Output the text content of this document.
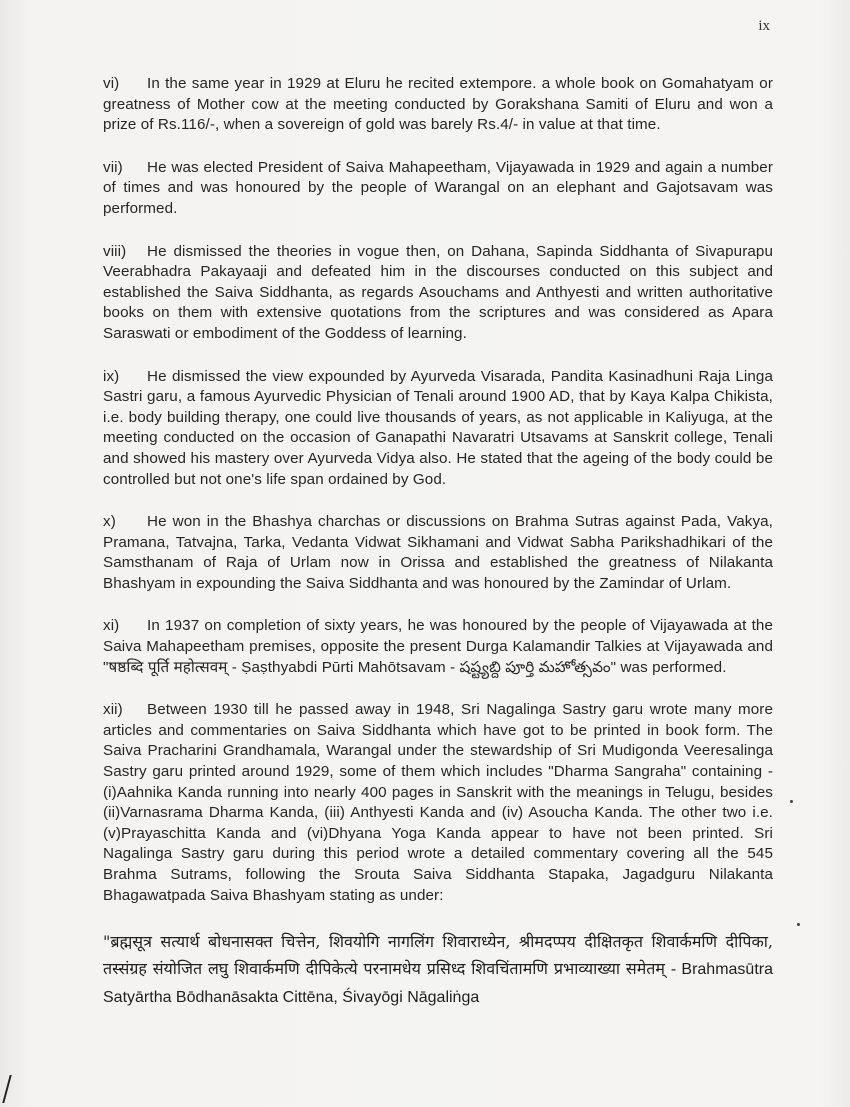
ix

vi) In the same year in 1929 at Eluru he recited extempore. a whole book on Gomahatyam or greatness of Mother cow at the meeting conducted by Gorakshana Samiti of Eluru and won a prize of Rs.116/-, when a sovereign of gold was barely Rs.4/- in value at that time.

vii) He was elected President of Saiva Mahapeetham, Vijayawada in 1929 and again a number of times and was honoured by the people of Warangal on an elephant and Gajotsavam was performed.

viii) He dismissed the theories in vogue then, on Dahana, Sapinda Siddhanta of Sivapurapu Veerabhadra Pakayaaji and defeated him in the discourses conducted on this subject and established the Saiva Siddhanta, as regards Asouchams and Anthyesti and written authoritative books on them with extensive quotations from the scriptures and was considered as Apara Saraswati or embodiment of the Goddess of learning.

ix) He dismissed the view expounded by Ayurveda Visarada, Pandita Kasinadhuni Raja Linga Sastri garu, a famous Ayurvedic Physician of Tenali around 1900 AD, that by Kaya Kalpa Chikista, i.e. body building therapy, one could live thousands of years, as not applicable in Kaliyuga, at the meeting conducted on the occasion of Ganapathi Navaratri Utsavams at Sanskrit college, Tenali and showed his mastery over Ayurveda Vidya also. He stated that the ageing of the body could be controlled but not one's life span ordained by God.

x) He won in the Bhashya charchas or discussions on Brahma Sutras against Pada, Vakya, Pramana, Tatvajna, Tarka, Vedanta Vidwat Sikhamani and Vidwat Sabha Parikshadhikari of the Samsthanam of Raja of Urlam now in Orissa and established the greatness of Nilakanta Bhashyam in expounding the Saiva Siddhanta and was honoured by the Zamindar of Urlam.

xi) In 1937 on completion of sixty years, he was honoured by the people of Vijayawada at the Saiva Mahapeetham premises, opposite the present Durga Kalamandir Talkies at Vijayawada and "षष्ठब्दि पूर्ति महोत्सवम् - Ṣaṣthyabdi Pūrti Mahōtsavam - షష్ట్యబ్ది పూర్తి మహోత్సవం" was performed.

xii) Between 1930 till he passed away in 1948, Sri Nagalinga Sastry garu wrote many more articles and commentaries on Saiva Siddhanta which have got to be printed in book form. The Saiva Pracharini Grandhamala, Warangal under the stewardship of Sri Mudigonda Veeresalinga Sastry garu printed around 1929, some of them which includes "Dharma Sangraha" containing - (i)Aahnika Kanda running into nearly 400 pages in Sanskrit with the meanings in Telugu, besides (ii)Varnasrama Dharma Kanda, (iii) Anthyesti Kanda and (iv) Asoucha Kanda. The other two i.e. (v)Prayaschitta Kanda and (vi)Dhyana Yoga Kanda appear to have not been printed. Sri Nagalinga Sastry garu during this period wrote a detailed commentary covering all the 545 Brahma Sutrams, following the Srouta Saiva Siddhanta Stapaka, Jagadguru Nilakanta Bhagawatpada Saiva Bhashyam stating as under:

"ब्रह्मसूत्र सत्यार्थ बोधनासक्त चित्तेन, शिवयोगि नागलिंग शिवाराध्येन, श्रीमदप्पय दीक्षितकृत शिवार्कमणि दीपिका, तस्संग्रह संयोजित लघु शिवार्कमणि दीपिकेत्ये परनामधेय प्रसिध्द शिवचिंतामणि प्रभाव्याख्या समेतम् - Brahmasūtra Satyārtha Bōdhanāsakta Cittēna, Śivayōgi Nāgaliṅga
